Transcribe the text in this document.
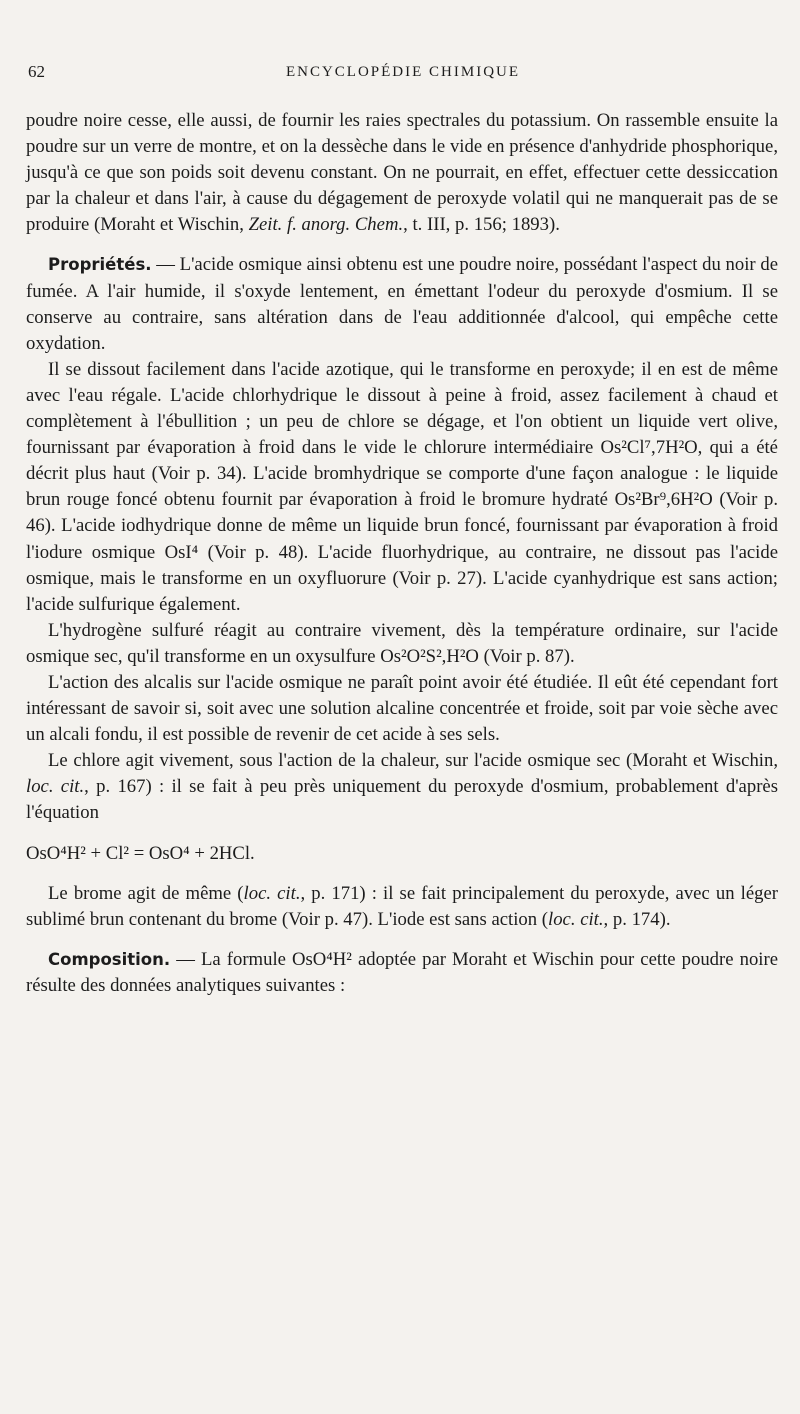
62	ENCYCLOPÉDIE CHIMIQUE

poudre noire cesse, elle aussi, de fournir les raies spectrales du potassium. On rassemble ensuite la poudre sur un verre de montre, et on la dessèche dans le vide en présence d'anhydride phosphorique, jusqu'à ce que son poids soit devenu constant. On ne pourrait, en effet, effectuer cette dessiccation par la chaleur et dans l'air, à cause du dégagement de peroxyde volatil qui ne manquerait pas de se produire (Moraht et Wischin, Zeit. f. anorg. Chem., t. III, p. 156; 1893).

Propriétés. — L'acide osmique ainsi obtenu est une poudre noire, possédant l'aspect du noir de fumée. A l'air humide, il s'oxyde lentement, en émettant l'odeur du peroxyde d'osmium. Il se conserve au contraire, sans altération dans de l'eau additionnée d'alcool, qui empêche cette oxydation.

Il se dissout facilement dans l'acide azotique, qui le transforme en peroxyde; il en est de même avec l'eau régale. L'acide chlorhydrique le dissout à peine à froid, assez facilement à chaud et complètement à l'ébullition ; un peu de chlore se dégage, et l'on obtient un liquide vert olive, fournissant par évaporation à froid dans le vide le chlorure intermédiaire Os²Cl⁷,7H²O, qui a été décrit plus haut (Voir p. 34). L'acide bromhydrique se comporte d'une façon analogue : le liquide brun rouge foncé obtenu fournit par évaporation à froid le bromure hydraté Os²Br⁹,6H²O (Voir p. 46). L'acide iodhydrique donne de même un liquide brun foncé, fournissant par évaporation à froid l'iodure osmique OsI⁴ (Voir p. 48). L'acide fluorhydrique, au contraire, ne dissout pas l'acide osmique, mais le transforme en un oxyfluorure (Voir p. 27). L'acide cyanhydrique est sans action; l'acide sulfurique également.

L'hydrogène sulfuré réagit au contraire vivement, dès la température ordinaire, sur l'acide osmique sec, qu'il transforme en un oxysulfure Os²O²S²,H²O (Voir p. 87).

L'action des alcalis sur l'acide osmique ne paraît point avoir été étudiée. Il eût été cependant fort intéressant de savoir si, soit avec une solution alcaline concentrée et froide, soit par voie sèche avec un alcali fondu, il est possible de revenir de cet acide à ses sels.

Le chlore agit vivement, sous l'action de la chaleur, sur l'acide osmique sec (Moraht et Wischin, loc. cit., p. 167) : il se fait à peu près uniquement du peroxyde d'osmium, probablement d'après l'équation

OsO⁴H² + Cl² = OsO⁴ + 2HCl.

Le brome agit de même (loc. cit., p. 171) : il se fait principalement du peroxyde, avec un léger sublimé brun contenant du brome (Voir p. 47). L'iode est sans action (loc. cit., p. 174).

Composition. — La formule OsO⁴H² adoptée par Moraht et Wischin pour cette poudre noire résulte des données analytiques suivantes :
